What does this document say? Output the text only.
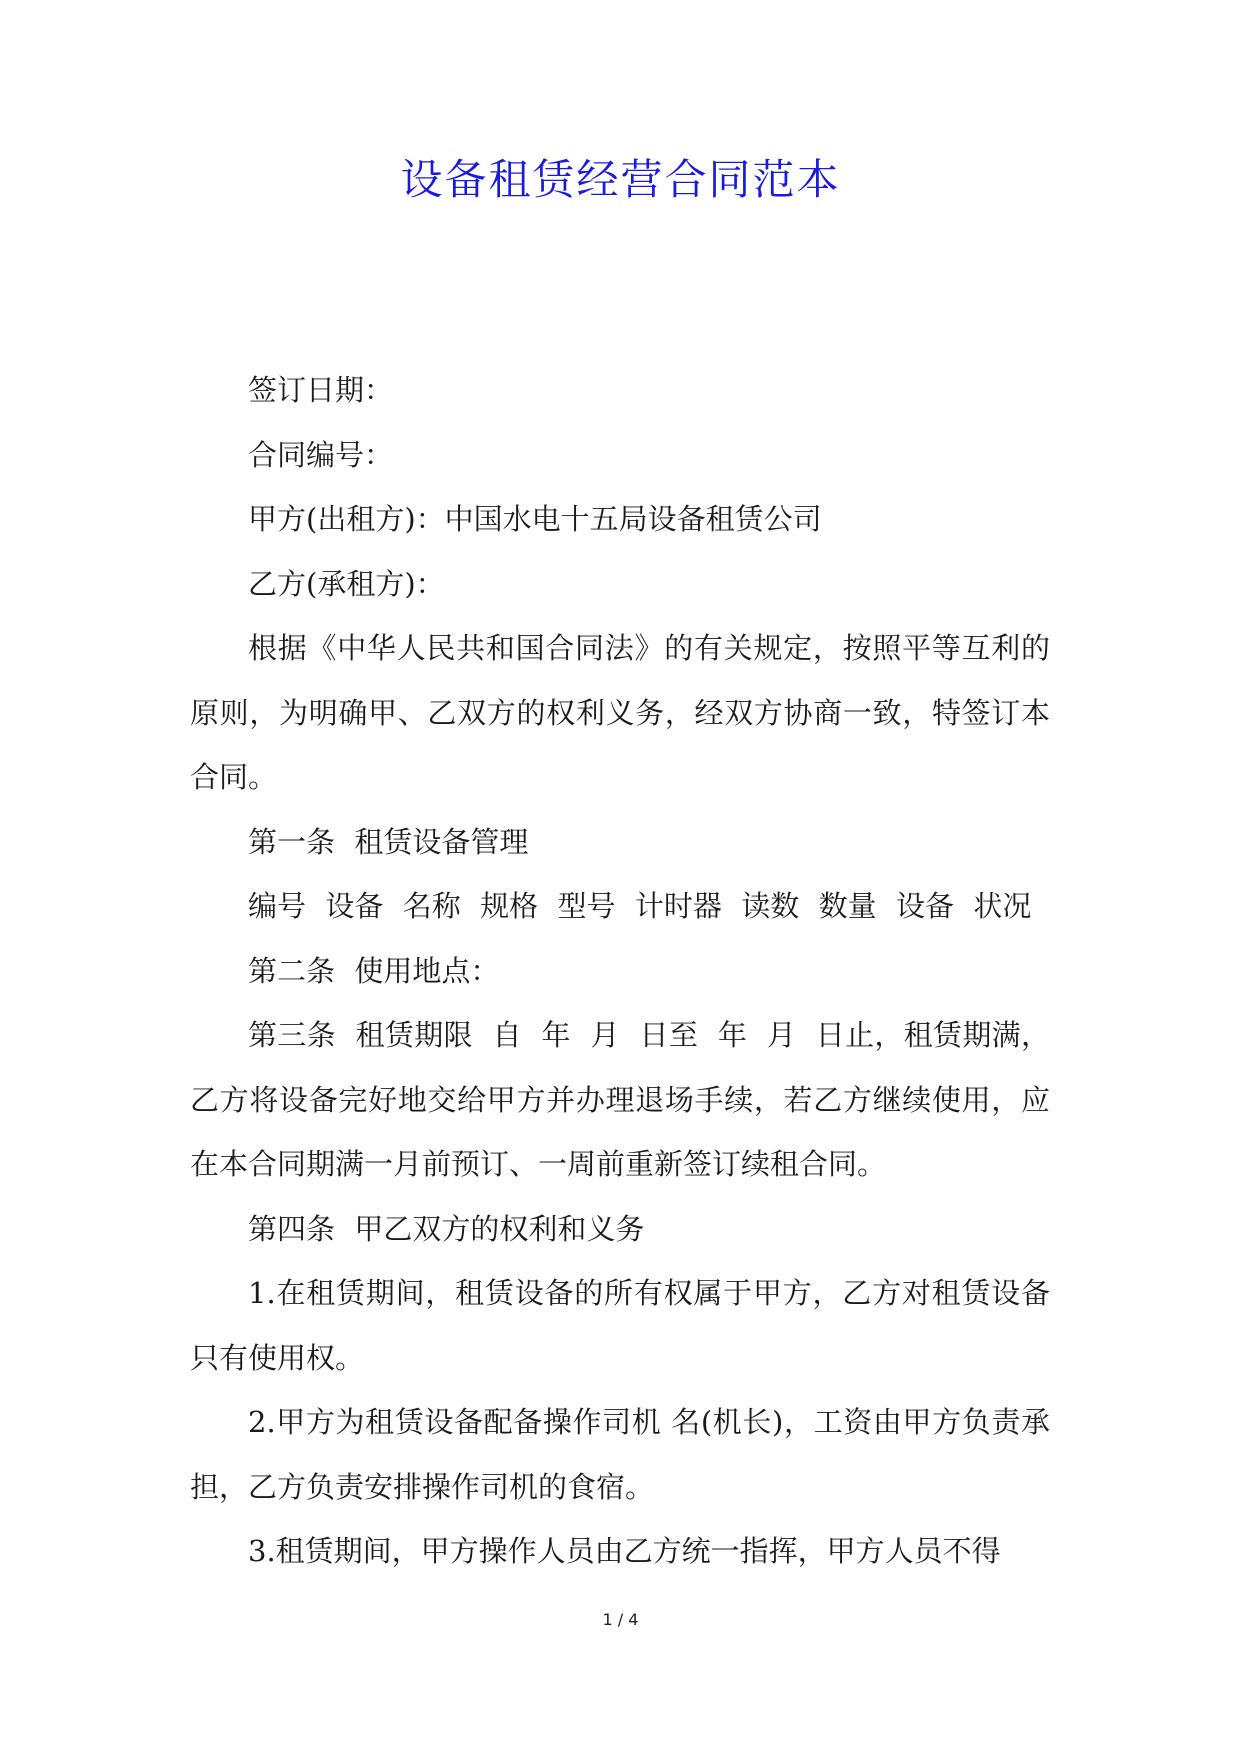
设备租赁经营合同范本

签订日期：

合同编号：

甲方(出租方)：中国水电十五局设备租赁公司

乙方(承租方)：

根据《中华人民共和国合同法》的有关规定，按照平等互利的原则，为明确甲、乙双方的权利义务，经双方协商一致，特签订本合同。

第一条 租赁设备管理

编号 设备 名称 规格 型号 计时器 读数 数量 设备 状况

第二条 使用地点：

第三条 租赁期限 自 年 月 日至 年 月 日止，租赁期满，乙方将设备完好地交给甲方并办理退场手续，若乙方继续使用，应在本合同期满一月前预订、一周前重新签订续租合同。

第四条 甲乙双方的权利和义务

1.在租赁期间，租赁设备的所有权属于甲方，乙方对租赁设备只有使用权。

2.甲方为租赁设备配备操作司机 名(机长)，工资由甲方负责承担，乙方负责安排操作司机的食宿。

3.租赁期间，甲方操作人员由乙方统一指挥，甲方人员不得

1 / 4
